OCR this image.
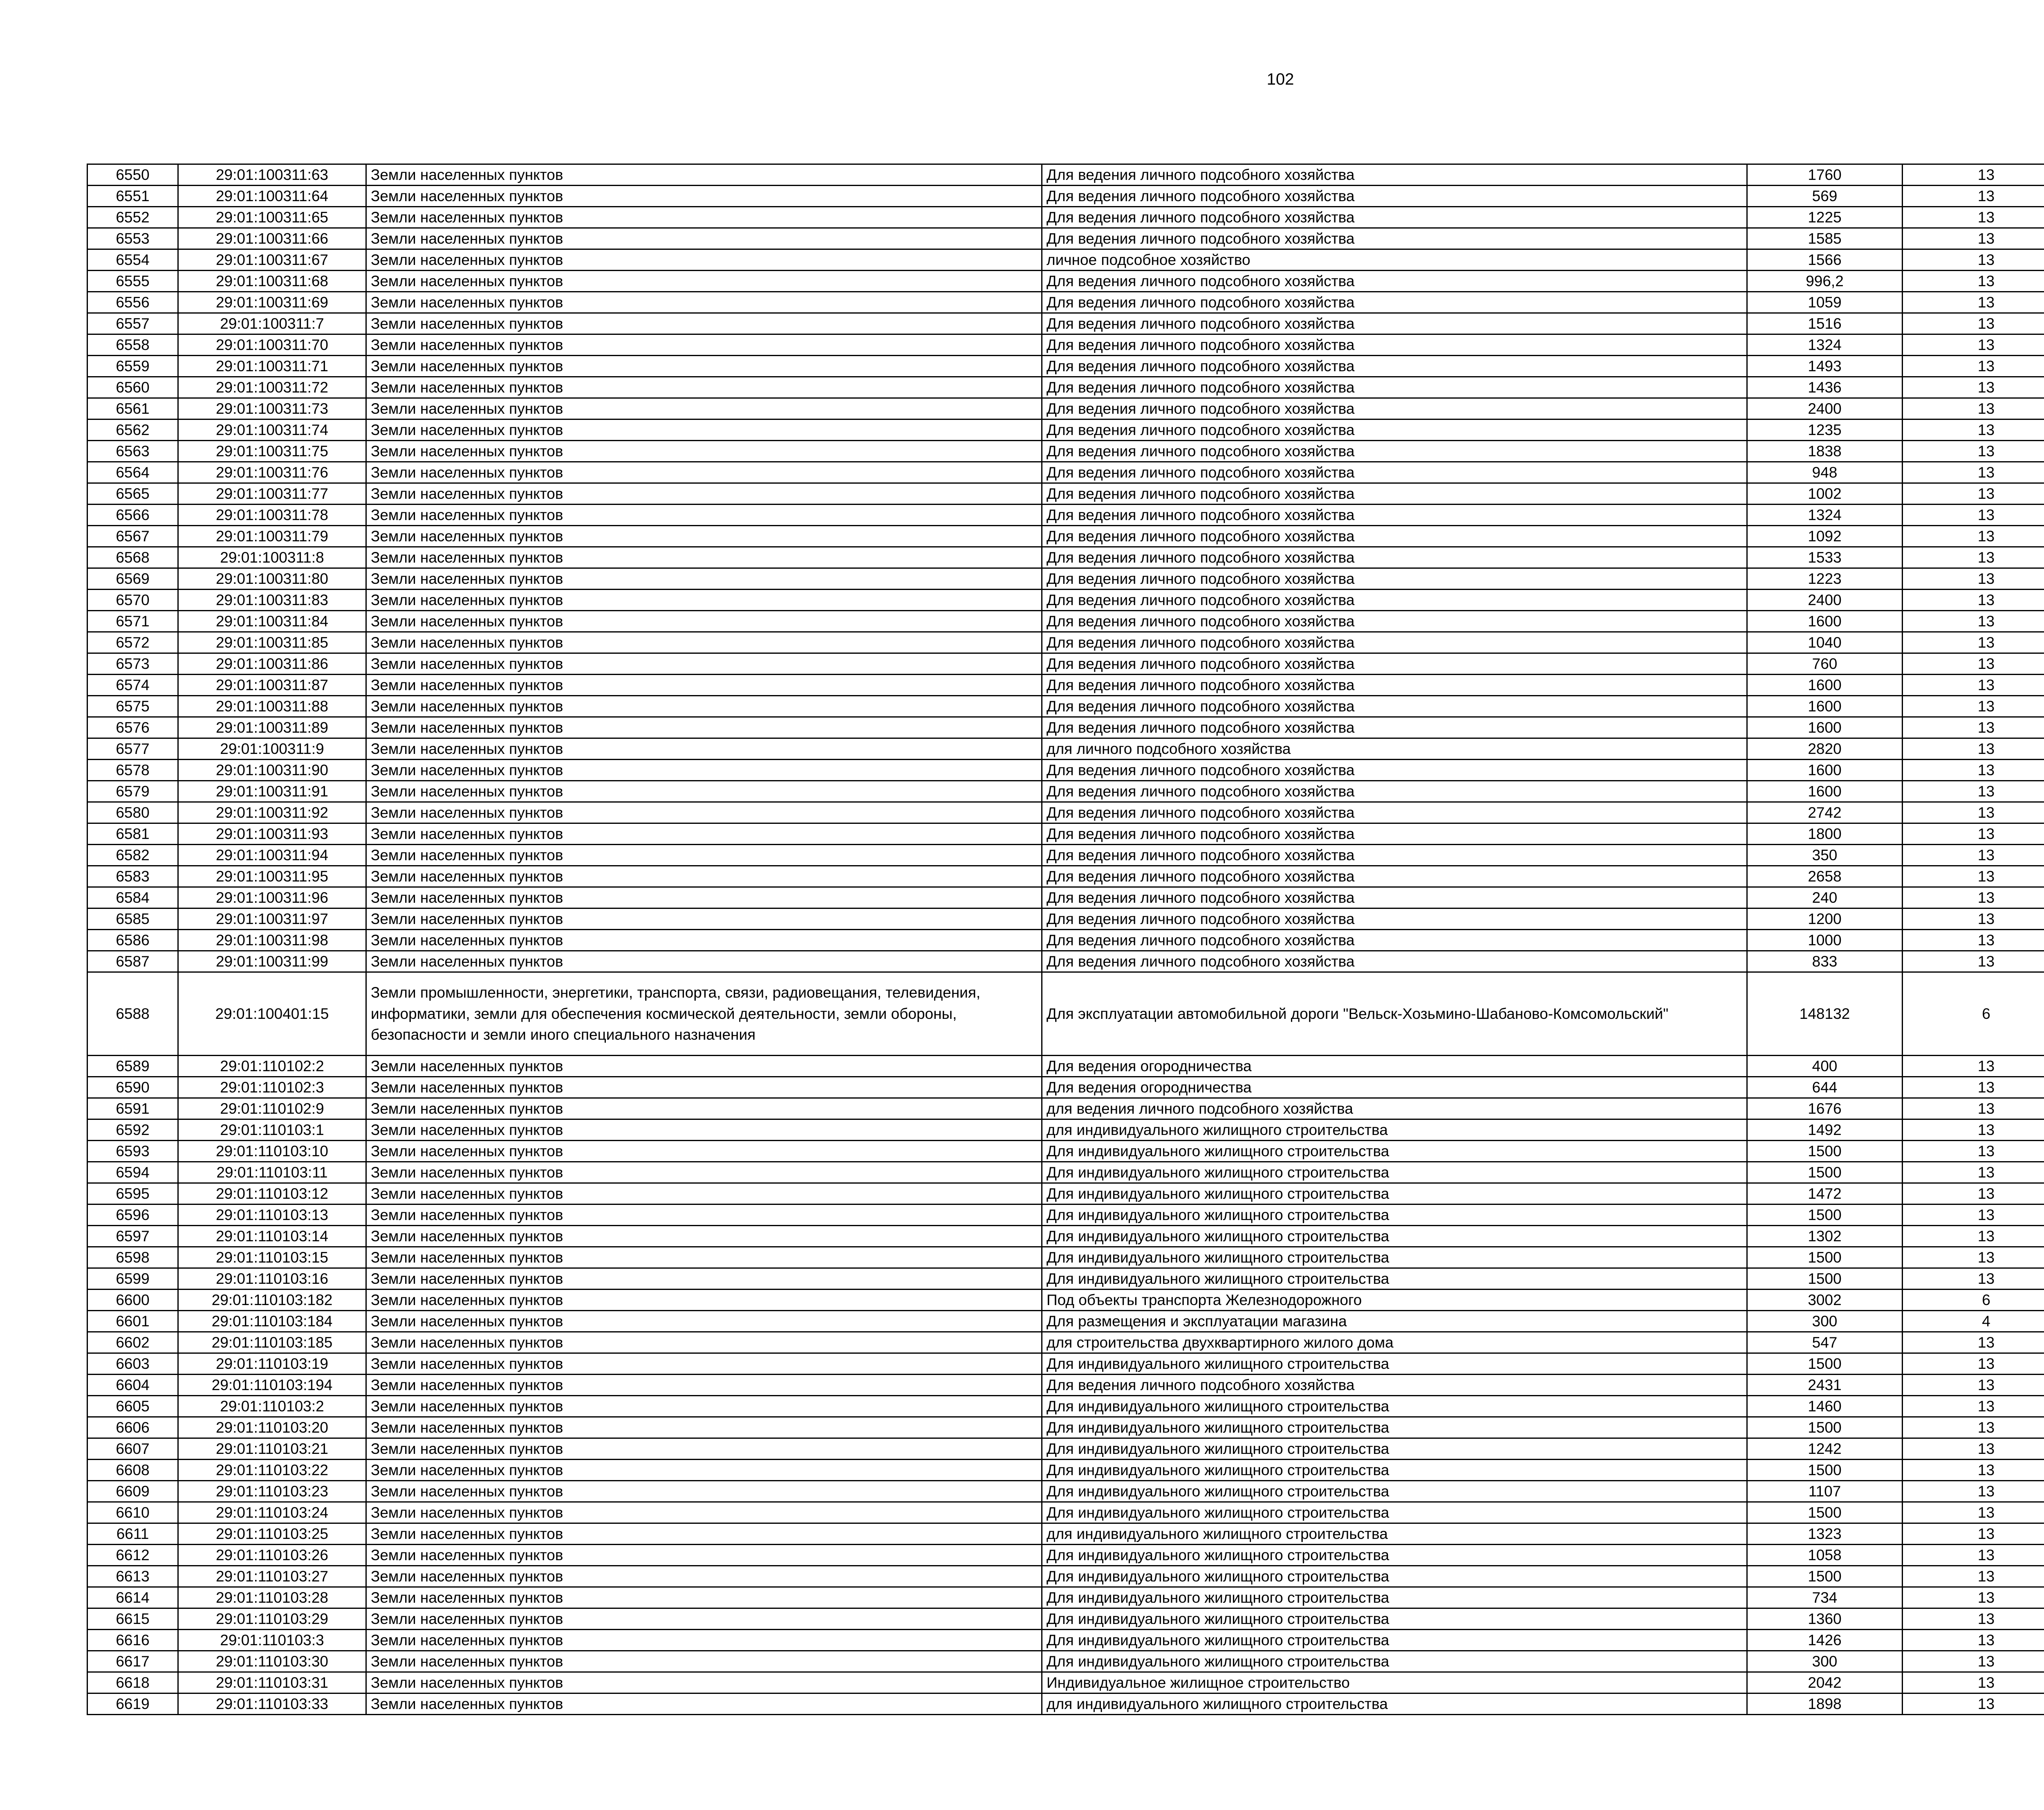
102
6550	29:01:100311:63	Земли населенных пунктов	Для ведения личного подсобного хозяйства	1760	13		
6551	29:01:100311:64	Земли населенных пунктов	Для ведения личного подсобного хозяйства	569	13		
6552	29:01:100311:65	Земли населенных пунктов	Для ведения личного подсобного хозяйства	1225	13		
6553	29:01:100311:66	Земли населенных пунктов	Для ведения личного подсобного хозяйства	1585	13		
6554	29:01:100311:67	Земли населенных пунктов	личное подсобное хозяйство	1566	13		
6555	29:01:100311:68	Земли населенных пунктов	Для ведения личного подсобного хозяйства	996,2	13		
6556	29:01:100311:69	Земли населенных пунктов	Для ведения личного подсобного хозяйства	1059	13		
6557	29:01:100311:7	Земли населенных пунктов	Для ведения личного подсобного хозяйства	1516	13		
6558	29:01:100311:70	Земли населенных пунктов	Для ведения личного подсобного хозяйства	1324	13		
6559	29:01:100311:71	Земли населенных пунктов	Для ведения личного подсобного хозяйства	1493	13		
6560	29:01:100311:72	Земли населенных пунктов	Для ведения личного подсобного хозяйства	1436	13		
6561	29:01:100311:73	Земли населенных пунктов	Для ведения личного подсобного хозяйства	2400	13		
6562	29:01:100311:74	Земли населенных пунктов	Для ведения личного подсобного хозяйства	1235	13		
6563	29:01:100311:75	Земли населенных пунктов	Для ведения личного подсобного хозяйства	1838	13		
6564	29:01:100311:76	Земли населенных пунктов	Для ведения личного подсобного хозяйства	948	13		
6565	29:01:100311:77	Земли населенных пунктов	Для ведения личного подсобного хозяйства	1002	13		
6566	29:01:100311:78	Земли населенных пунктов	Для ведения личного подсобного хозяйства	1324	13		
6567	29:01:100311:79	Земли населенных пунктов	Для ведения личного подсобного хозяйства	1092	13		
6568	29:01:100311:8	Земли населенных пунктов	Для ведения личного подсобного хозяйства	1533	13		
6569	29:01:100311:80	Земли населенных пунктов	Для ведения личного подсобного хозяйства	1223	13		
6570	29:01:100311:83	Земли населенных пунктов	Для ведения личного подсобного хозяйства	2400	13		
6571	29:01:100311:84	Земли населенных пунктов	Для ведения личного подсобного хозяйства	1600	13		
6572	29:01:100311:85	Земли населенных пунктов	Для ведения личного подсобного хозяйства	1040	13		
6573	29:01:100311:86	Земли населенных пунктов	Для ведения личного подсобного хозяйства	760	13		
6574	29:01:100311:87	Земли населенных пунктов	Для ведения личного подсобного хозяйства	1600	13		
6575	29:01:100311:88	Земли населенных пунктов	Для ведения личного подсобного хозяйства	1600	13		
6576	29:01:100311:89	Земли населенных пунктов	Для ведения личного подсобного хозяйства	1600	13		
6577	29:01:100311:9	Земли населенных пунктов	для личного подсобного хозяйства	2820	13		
6578	29:01:100311:90	Земли населенных пунктов	Для ведения личного подсобного хозяйства	1600	13		
6579	29:01:100311:91	Земли населенных пунктов	Для ведения личного подсобного хозяйства	1600	13		
6580	29:01:100311:92	Земли населенных пунктов	Для ведения личного подсобного хозяйства	2742	13		
6581	29:01:100311:93	Земли населенных пунктов	Для ведения личного подсобного хозяйства	1800	13		
6582	29:01:100311:94	Земли населенных пунктов	Для ведения личного подсобного хозяйства	350	13		
6583	29:01:100311:95	Земли населенных пунктов	Для ведения личного подсобного хозяйства	2658	13		
6584	29:01:100311:96	Земли населенных пунктов	Для ведения личного подсобного хозяйства	240	13		
6585	29:01:100311:97	Земли населенных пунктов	Для ведения личного подсобного хозяйства	1200	13		
6586	29:01:100311:98	Земли населенных пунктов	Для ведения личного подсобного хозяйства	1000	13		
6587	29:01:100311:99	Земли населенных пунктов	Для ведения личного подсобного хозяйства	833	13		
6588	29:01:100401:15	Земли промышленности, энергетики, транспорта, связи, радиовещания, телевидения, информатики, земли для обеспечения космической деятельности, земли обороны, безопасности и земли иного специального назначения	Для эксплуатации автомобильной дороги "Вельск-Хозьмино-Шабаново-Комсомольский"	148132	6		
6589	29:01:110102:2	Земли населенных пунктов	Для ведения огородничества	400	13		
6590	29:01:110102:3	Земли населенных пунктов	Для ведения огородничества	644	13		
6591	29:01:110102:9	Земли населенных пунктов	для ведения личного подсобного хозяйства	1676	13		
6592	29:01:110103:1	Земли населенных пунктов	для индивидуального жилищного строительства	1492	13		
6593	29:01:110103:10	Земли населенных пунктов	Для индивидуального жилищного строительства	1500	13		
6594	29:01:110103:11	Земли населенных пунктов	Для индивидуального жилищного строительства	1500	13		
6595	29:01:110103:12	Земли населенных пунктов	Для индивидуального жилищного строительства	1472	13		
6596	29:01:110103:13	Земли населенных пунктов	Для индивидуального жилищного строительства	1500	13		
6597	29:01:110103:14	Земли населенных пунктов	Для индивидуального жилищного строительства	1302	13		
6598	29:01:110103:15	Земли населенных пунктов	Для индивидуального жилищного строительства	1500	13		
6599	29:01:110103:16	Земли населенных пунктов	Для индивидуального жилищного строительства	1500	13		
6600	29:01:110103:182	Земли населенных пунктов	Под объекты транспорта Железнодорожного	3002	6		
6601	29:01:110103:184	Земли населенных пунктов	Для размещения и эксплуатации магазина	300	4		
6602	29:01:110103:185	Земли населенных пунктов	для строительства двухквартирного жилого дома	547	13		
6603	29:01:110103:19	Земли населенных пунктов	Для индивидуального жилищного строительства	1500	13		
6604	29:01:110103:194	Земли населенных пунктов	Для ведения личного подсобного хозяйства	2431	13		
6605	29:01:110103:2	Земли населенных пунктов	Для индивидуального жилищного строительства	1460	13		
6606	29:01:110103:20	Земли населенных пунктов	Для индивидуального жилищного строительства	1500	13		
6607	29:01:110103:21	Земли населенных пунктов	Для индивидуального жилищного строительства	1242	13		
6608	29:01:110103:22	Земли населенных пунктов	Для индивидуального жилищного строительства	1500	13		
6609	29:01:110103:23	Земли населенных пунктов	Для индивидуального жилищного строительства	1107	13		
6610	29:01:110103:24	Земли населенных пунктов	Для индивидуального жилищного строительства	1500	13		
6611	29:01:110103:25	Земли населенных пунктов	для индивидуального жилищного строительства	1323	13		
6612	29:01:110103:26	Земли населенных пунктов	Для индивидуального жилищного строительства	1058	13		
6613	29:01:110103:27	Земли населенных пунктов	Для индивидуального жилищного строительства	1500	13		
6614	29:01:110103:28	Земли населенных пунктов	Для индивидуального жилищного строительства	734	13		
6615	29:01:110103:29	Земли населенных пунктов	Для индивидуального жилищного строительства	1360	13		
6616	29:01:110103:3	Земли населенных пунктов	Для индивидуального жилищного строительства	1426	13		
6617	29:01:110103:30	Земли населенных пунктов	Для индивидуального жилищного строительства	300	13		
6618	29:01:110103:31	Земли населенных пунктов	Индивидуальное жилищное строительство	2042	13		
6619	29:01:110103:33	Земли населенных пунктов	для индивидуального жилищного строительства	1898	13		
